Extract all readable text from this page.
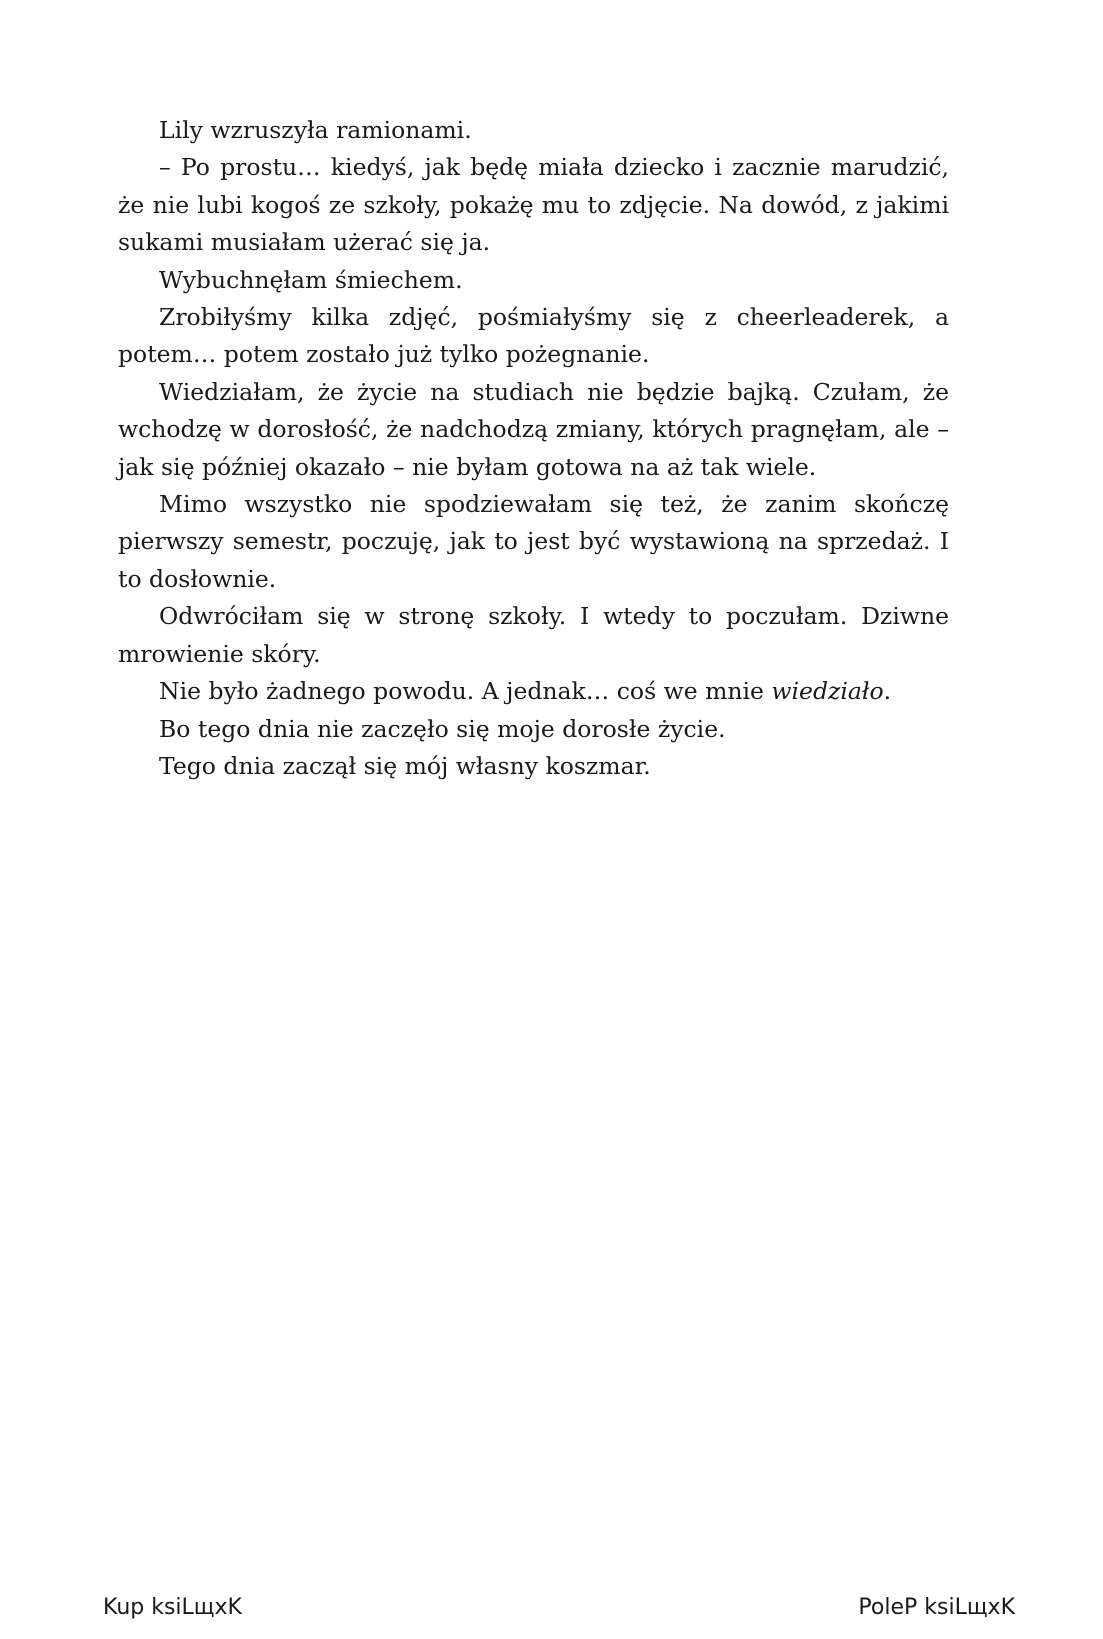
Lily wzruszyła ramionami.

– Po prostu… kiedyś, jak będę miała dziecko i zacznie marudzić, że nie lubi kogoś ze szkoły, pokażę mu to zdjęcie. Na dowód, z jakimi sukami musiałam użerać się ja.

Wybuchnęłam śmiechem.

Zrobiłyśmy kilka zdjęć, pośmiałyśmy się z cheerleaderek, a potem… potem zostało już tylko pożegnanie.

Wiedziałam, że życie na studiach nie będzie bajką. Czułam, że wchodzę w dorosłość, że nadchodzą zmiany, których pragnęłam, ale – jak się później okazało – nie byłam gotowa na aż tak wiele.

Mimo wszystko nie spodziewałam się też, że zanim skończę pierwszy semestr, poczuję, jak to jest być wystawioną na sprzedaż. I to dosłownie.

Odwróciłam się w stronę szkoły. I wtedy to poczułam. Dziwne mrowienie skóry.

Nie było żadnego powodu. A jednak… coś we mnie wiedziało.

Bo tego dnia nie zaczęło się moje dorosłe życie.

Tego dnia zaczął się mój własny koszmar.

Kup ksiLщxK	PoleP ksiLщxK
